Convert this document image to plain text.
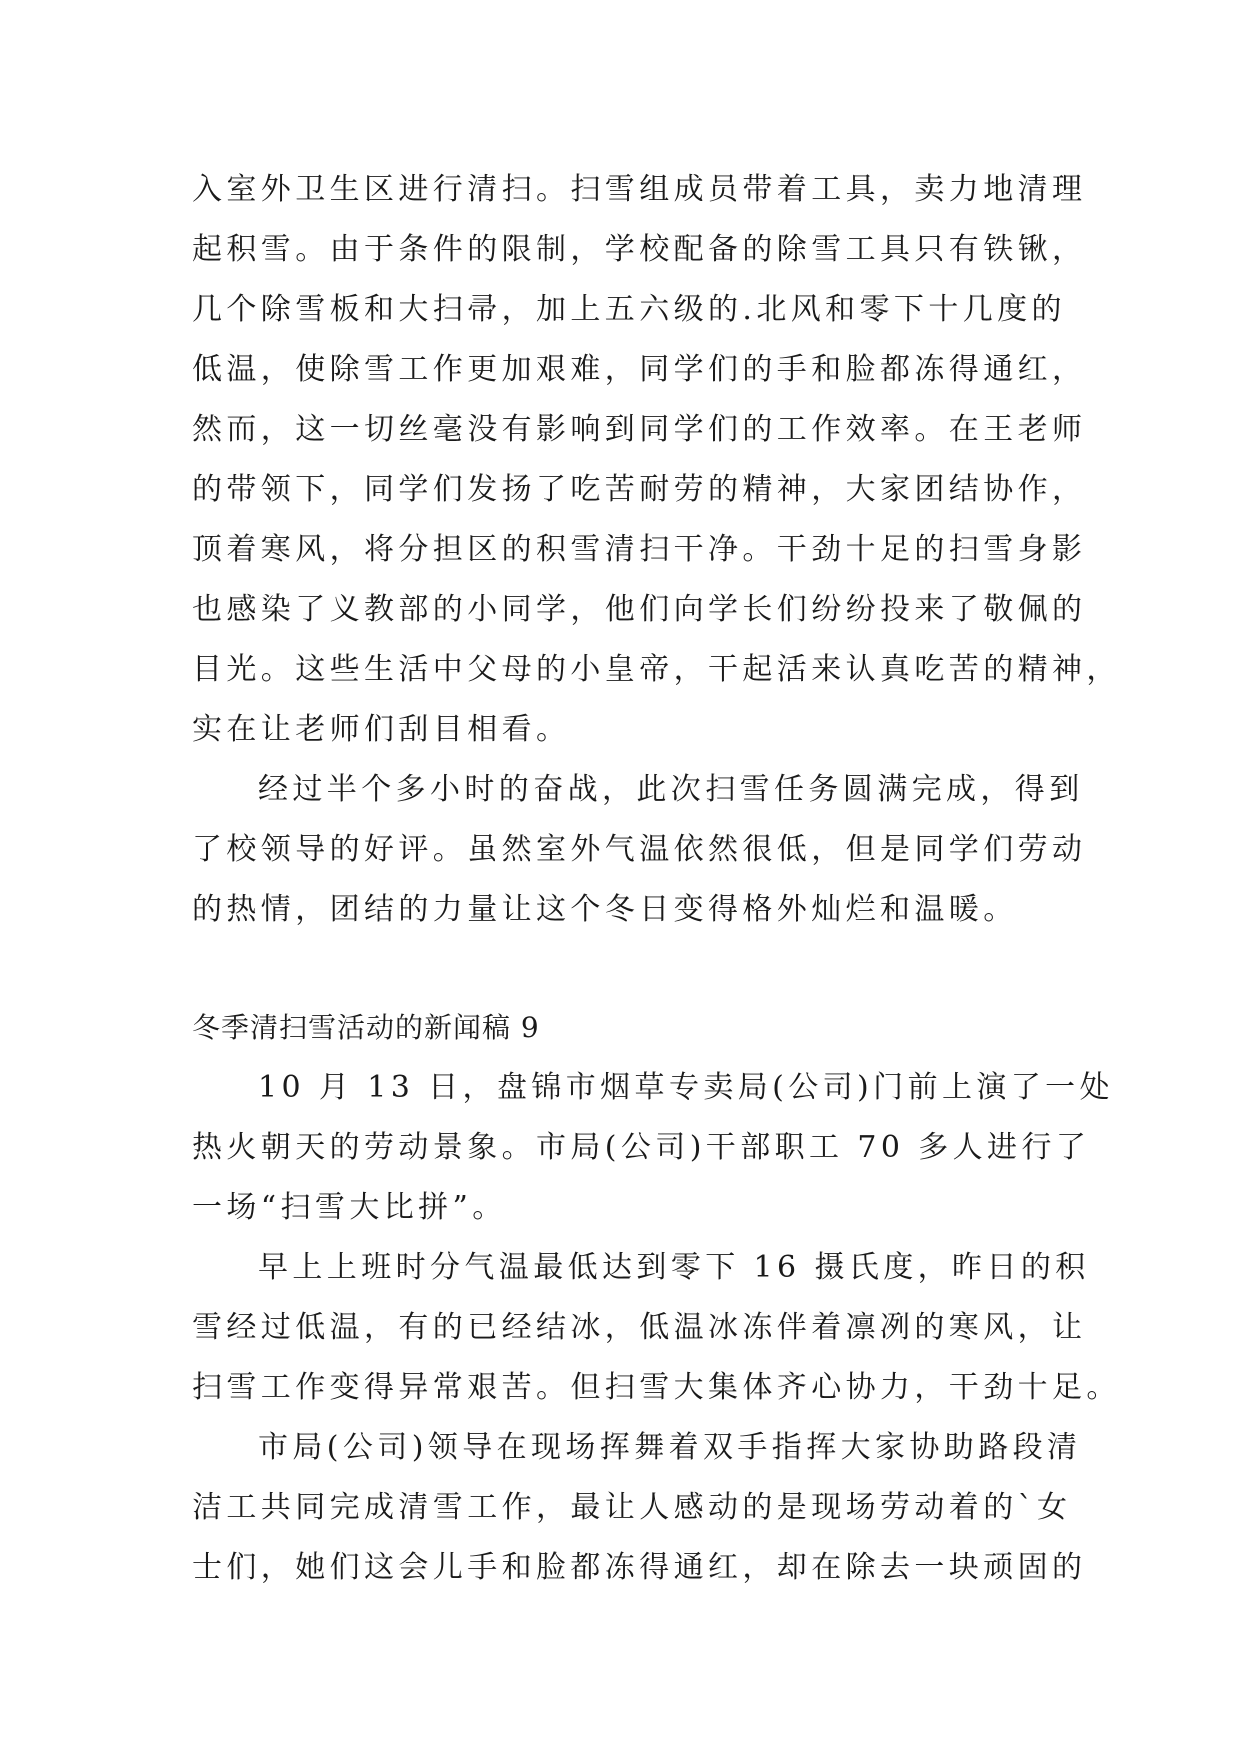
入室外卫生区进行清扫。扫雪组成员带着工具，卖力地清理
起积雪。由于条件的限制，学校配备的除雪工具只有铁锹，
几个除雪板和大扫帚，加上五六级的.北风和零下十几度的
低温，使除雪工作更加艰难，同学们的手和脸都冻得通红，
然而，这一切丝毫没有影响到同学们的工作效率。在王老师
的带领下，同学们发扬了吃苦耐劳的精神，大家团结协作，
顶着寒风，将分担区的积雪清扫干净。干劲十足的扫雪身影
也感染了义教部的小同学，他们向学长们纷纷投来了敬佩的
目光。这些生活中父母的小皇帝，干起活来认真吃苦的精神，
实在让老师们刮目相看。
经过半个多小时的奋战，此次扫雪任务圆满完成，得到
了校领导的好评。虽然室外气温依然很低，但是同学们劳动
的热情，团结的力量让这个冬日变得格外灿烂和温暖。
冬季清扫雪活动的新闻稿 9
10 月 13 日，盘锦市烟草专卖局(公司)门前上演了一处
热火朝天的劳动景象。市局(公司)干部职工 70 多人进行了
一场“扫雪大比拼”。
早上上班时分气温最低达到零下 16 摄氏度，昨日的积
雪经过低温，有的已经结冰，低温冰冻伴着凛冽的寒风，让
扫雪工作变得异常艰苦。但扫雪大集体齐心协力，干劲十足。
市局(公司)领导在现场挥舞着双手指挥大家协助路段清
洁工共同完成清雪工作，最让人感动的是现场劳动着的`女
士们，她们这会儿手和脸都冻得通红，却在除去一块顽固的
